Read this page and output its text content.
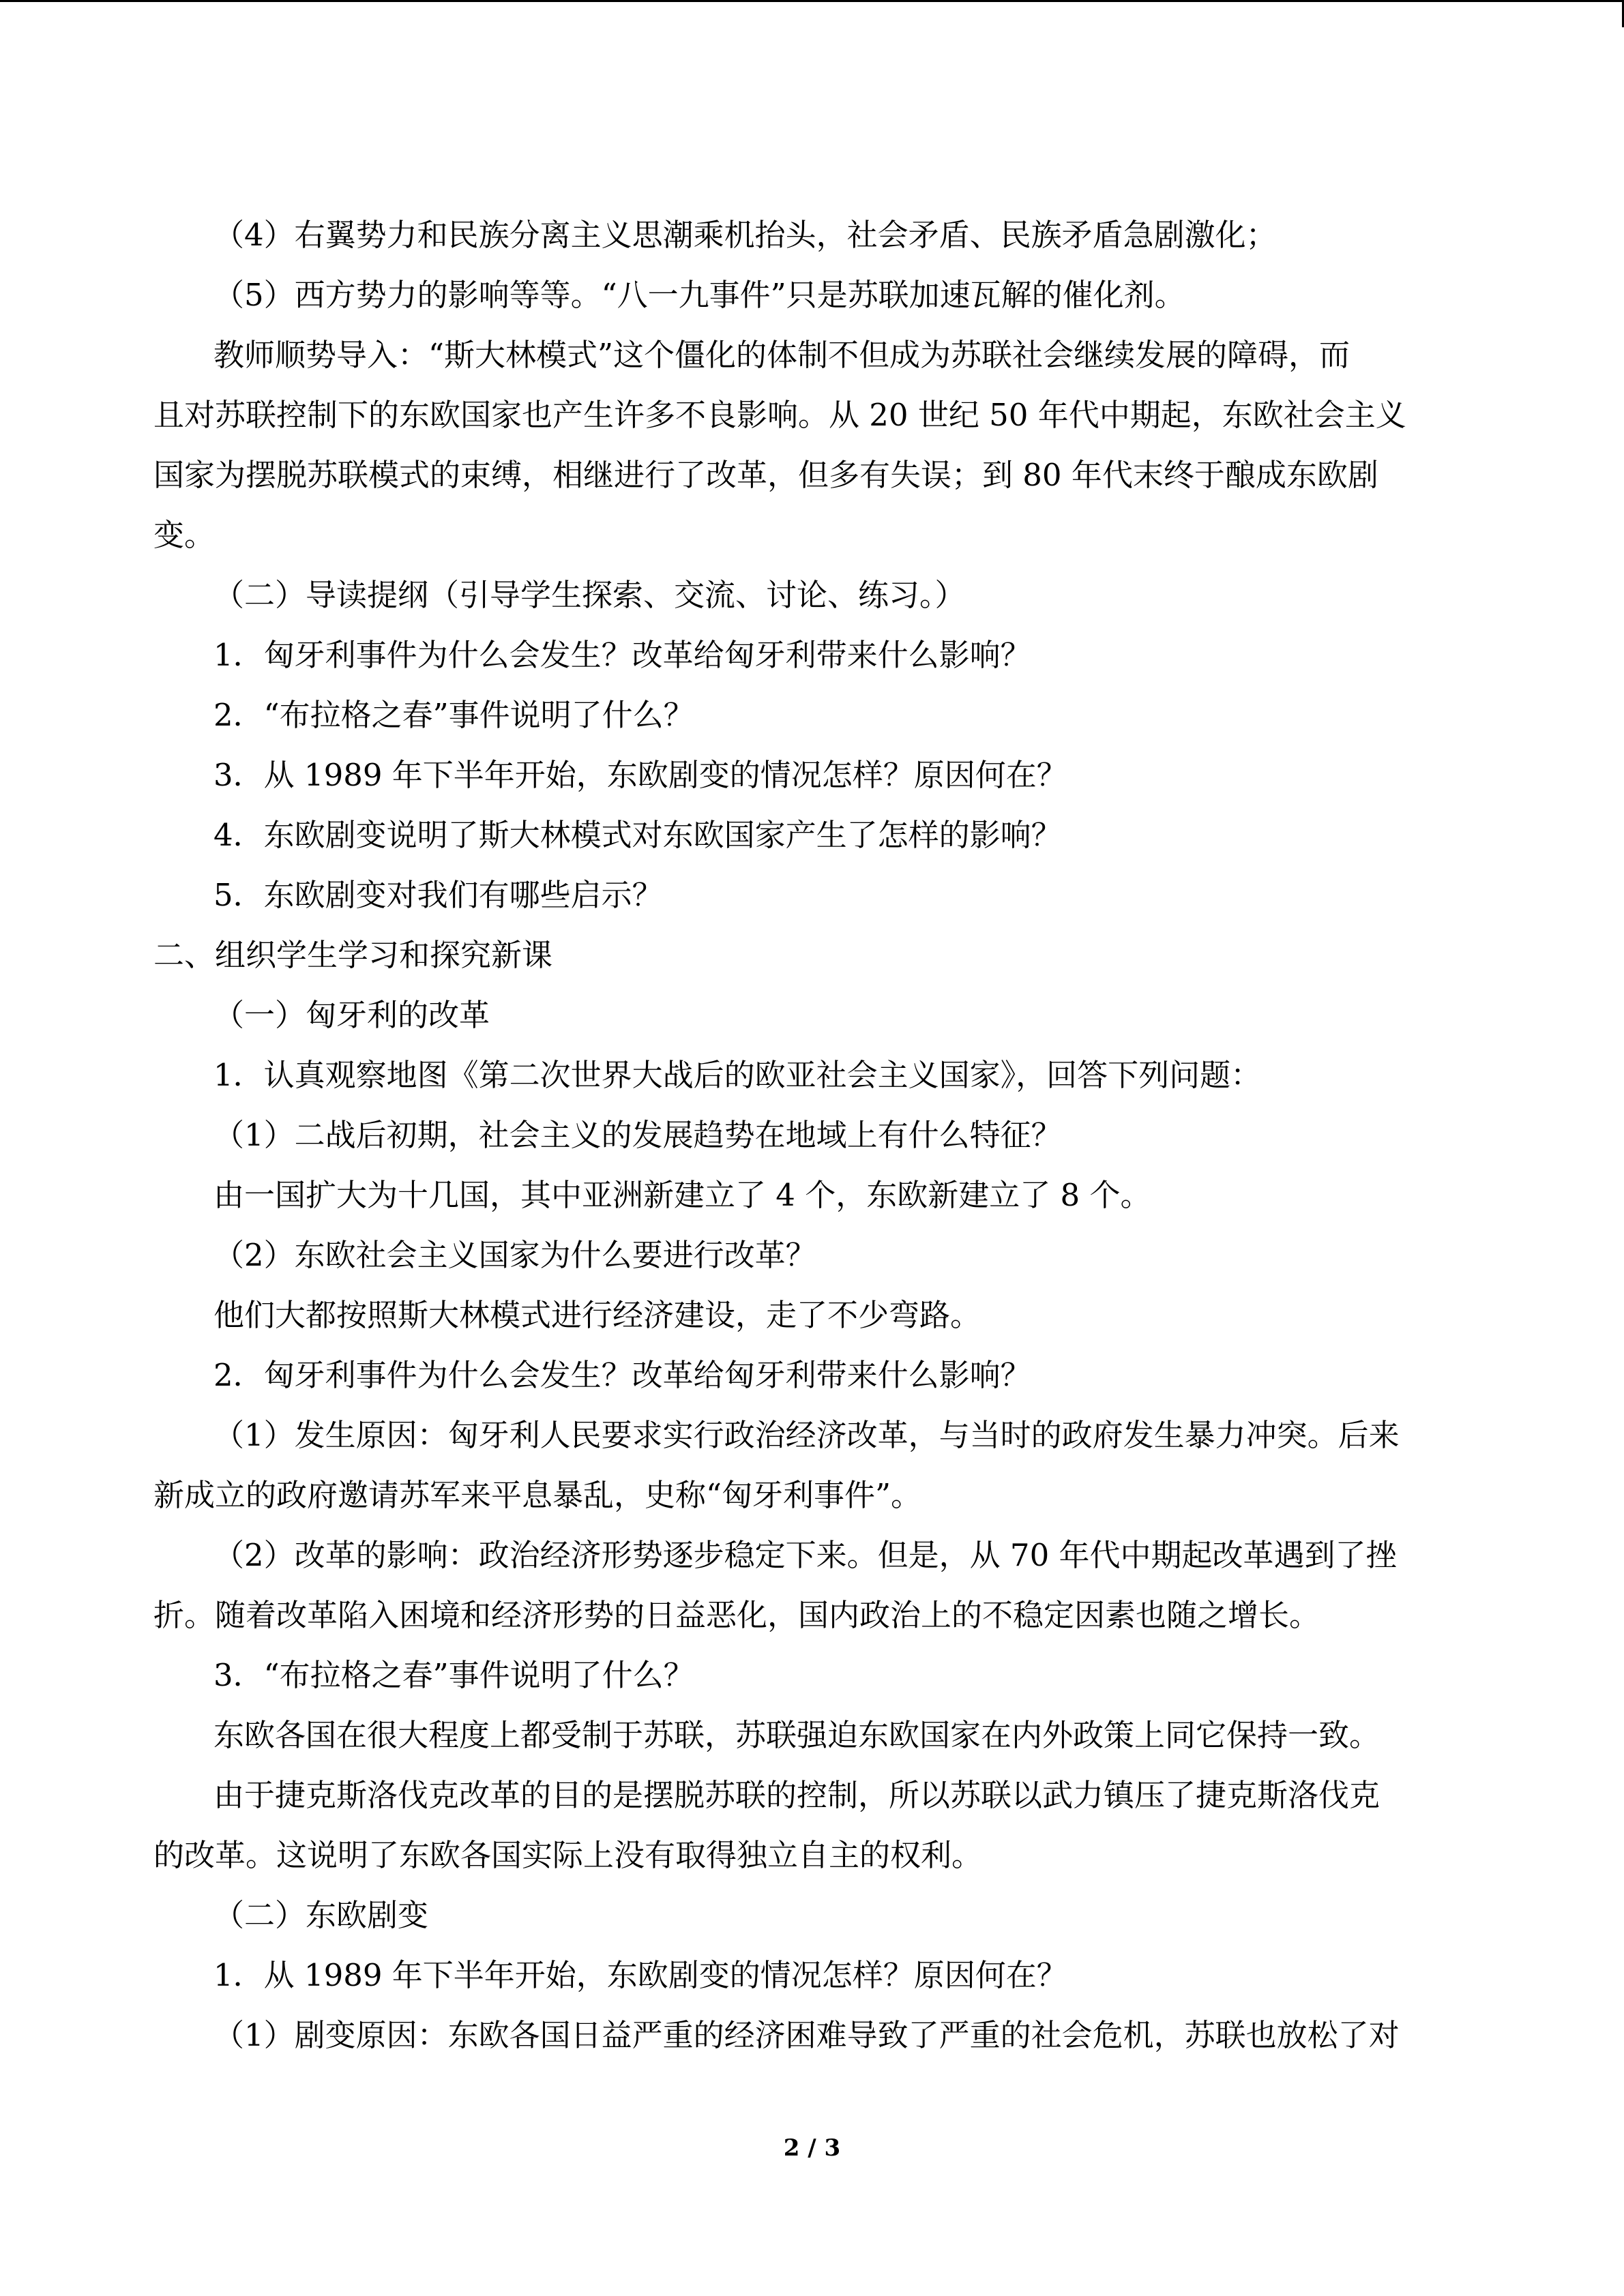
（4）右翼势力和民族分离主义思潮乘机抬头，社会矛盾、民族矛盾急剧激化；
（5）西方势力的影响等等。“八一九事件”只是苏联加速瓦解的催化剂。
教师顺势导入：“斯大林模式”这个僵化的体制不但成为苏联社会继续发展的障碍，而
且对苏联控制下的东欧国家也产生许多不良影响。从 20 世纪 50 年代中期起，东欧社会主义
国家为摆脱苏联模式的束缚，相继进行了改革，但多有失误；到 80 年代末终于酿成东欧剧
变。
（二）导读提纲（引导学生探索、交流、讨论、练习。）
1．匈牙利事件为什么会发生？改革给匈牙利带来什么影响？
2．“布拉格之春”事件说明了什么？
3．从 1989 年下半年开始，东欧剧变的情况怎样？原因何在？
4．东欧剧变说明了斯大林模式对东欧国家产生了怎样的影响？
5．东欧剧变对我们有哪些启示？
二、组织学生学习和探究新课
（一）匈牙利的改革
1．认真观察地图《第二次世界大战后的欧亚社会主义国家》，回答下列问题：
（1）二战后初期，社会主义的发展趋势在地域上有什么特征？
由一国扩大为十几国，其中亚洲新建立了 4 个，东欧新建立了 8 个。
（2）东欧社会主义国家为什么要进行改革？
他们大都按照斯大林模式进行经济建设，走了不少弯路。
2．匈牙利事件为什么会发生？改革给匈牙利带来什么影响？
（1）发生原因：匈牙利人民要求实行政治经济改革，与当时的政府发生暴力冲突。后来
新成立的政府邀请苏军来平息暴乱，史称“匈牙利事件”。
（2）改革的影响：政治经济形势逐步稳定下来。但是，从 70 年代中期起改革遇到了挫
折。随着改革陷入困境和经济形势的日益恶化，国内政治上的不稳定因素也随之增长。
3．“布拉格之春”事件说明了什么？
东欧各国在很大程度上都受制于苏联，苏联强迫东欧国家在内外政策上同它保持一致。
由于捷克斯洛伐克改革的目的是摆脱苏联的控制，所以苏联以武力镇压了捷克斯洛伐克
的改革。这说明了东欧各国实际上没有取得独立自主的权利。
（二）东欧剧变
1．从 1989 年下半年开始，东欧剧变的情况怎样？原因何在？
（1）剧变原因：东欧各国日益严重的经济困难导致了严重的社会危机，苏联也放松了对
2 / 3
